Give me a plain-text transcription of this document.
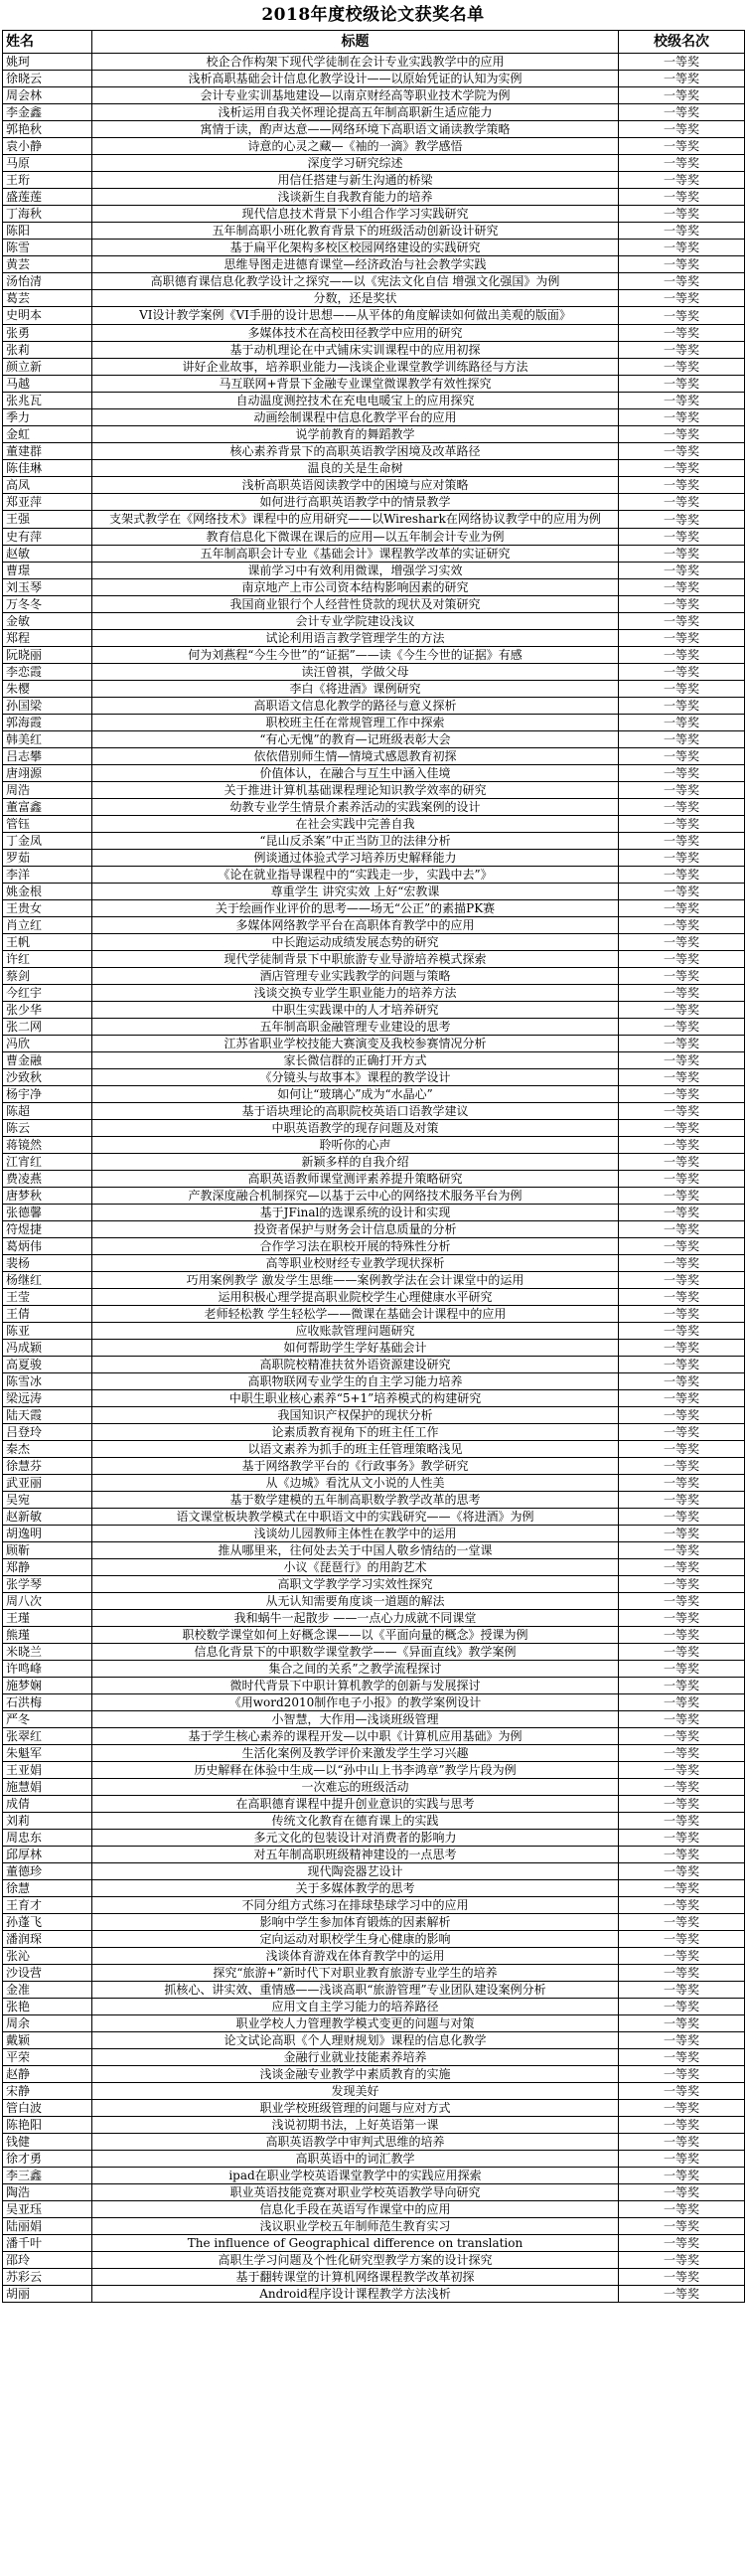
2018年度校级论文获奖名单
姓名	标题	校级名次
姚珂	校企合作构架下现代学徒制在会计专业实践教学中的应用	一等奖
徐晓云	浅析高职基础会计信息化教学设计——以原始凭证的认知为实例	一等奖
周会林	会计专业实训基地建设—以南京财经高等职业技术学院为例	一等奖
李金鑫	浅析运用自我关怀理论提高五年制高职新生适应能力	一等奖
郭艳秋	寓情于读，酌声达意——网络环境下高职语文诵读教学策略	一等奖
袁小静	诗意的心灵之藏—《袖的一滴》教学感悟	一等奖
马原	深度学习研究综述	一等奖
王珩	用信任搭建与新生沟通的桥梁	一等奖
盛莲莲	浅谈新生自我教育能力的培养	一等奖
丁海秋	现代信息技术背景下小组合作学习实践研究	一等奖
陈阳	五年制高职小班化教育背景下的班级活动创新设计研究	一等奖
陈雪	基于扁平化架构多校区校园网络建设的实践研究	一等奖
黄芸	思维导图走进德育课堂—经济政治与社会教学实践	一等奖
汤怡清	高职德育课信息化教学设计之探究——以《宪法文化自信 增强文化强国》为例	一等奖
葛芸	分数，还是奖状	一等奖
史明本	VI设计教学案例《VI手册的设计思想——从平体的角度解读如何做出美观的版面》	一等奖
张勇	多媒体技术在高校田径教学中应用的研究	一等奖
张莉	基于动机理论在中式铺床实训课程中的应用初探	一等奖
颜立新	讲好企业故事，培养职业能力—浅谈企业课堂教学训练路径与方法	一等奖
马越	马互联网+背景下金融专业课堂微课教学有效性探究	一等奖
张兆瓦	自动温度测控技术在充电电暖宝上的应用探究	一等奖
季力	动画绘制课程中信息化教学平台的应用	一等奖
金虹	说学前教育的舞蹈教学	一等奖
董建群	核心素养背景下的高职英语教学困境及改革路径	一等奖
陈佳琳	温良的关是生命树	一等奖
高凤	浅析高职英语阅读教学中的困境与应对策略	一等奖
郑亚萍	如何进行高职英语教学中的情景教学	一等奖
王强	支架式教学在《网络技术》课程中的应用研究——以Wireshark在网络协议教学中的应用为例	一等奖
史有萍	教育信息化下微课在课后的应用—以五年制会计专业为例	一等奖
赵敏	五年制高职会计专业《基础会计》课程教学改革的实证研究	一等奖
曹璟	课前学习中有效利用微课，增强学习实效	一等奖
刘玉琴	南京地产上市公司资本结构影响因素的研究	一等奖
万冬冬	我国商业银行个人经营性贷款的现状及对策研究	一等奖
金敏	会计专业学院建设浅议	一等奖
郑程	试论利用语言教学管理学生的方法	一等奖
阮晓丽	何为刘燕程“今生今世”的“证据”——读《今生今世的证据》有感	一等奖
李恋霞	读汪曾祺，学做父母	一等奖
朱樱	李白《将进酒》课例研究	一等奖
孙国梁	高职语文信息化教学的路径与意义探析	一等奖
郭海霞	职校班主任在常规管理工作中探索	一等奖
韩美红	“有心无愧”的教育—记班级表彰大会	一等奖
吕志攀	依依借别师生情—情境式感恩教育初探	一等奖
唐翊源	价值体认，在融合与互生中涵入佳境	一等奖
周浩	关于推进计算机基础课程理论知识教学效率的研究	一等奖
董富鑫	幼教专业学生情景介素养活动的实践案例的设计	一等奖
管钰	在社会实践中完善自我	一等奖
丁金凤	“昆山反杀案”中正当防卫的法律分析	一等奖
罗茹	例谈通过体验式学习培养历史解释能力	一等奖
李洋	《论在就业指导课程中的“实践走一步，实践中去”》	一等奖
姚金根	尊重学生 讲究实效 上好“宏教课	一等奖
王贵女	关于绘画作业评价的思考——场无“公正”的素描PK赛	一等奖
肖立红	多媒体网络教学平台在高职体育教学中的应用	一等奖
王帆	中长跑运动成绩发展态势的研究	一等奖
许红	现代学徒制背景下中职旅游专业导游培养模式探索	一等奖
蔡剑	酒店管理专业实践教学的问题与策略	一等奖
今红宇	浅谈交换专业学生职业能力的培养方法	一等奖
张少华	中职生实践课中的人才培养研究	一等奖
张二网	五年制高职金融管理专业建设的思考	一等奖
冯欣	江苏省职业学校技能大赛演变及我校参赛情况分析	一等奖
曹金融	家长微信群的正确打开方式	一等奖
沙致秋	《分镜头与故事本》课程的教学设计	一等奖
杨宇净	如何让“玻璃心”成为“水晶心”	一等奖
陈超	基于语块理论的高职院校英语口语教学建议	一等奖
陈云	中职英语教学的现存问题及对策	一等奖
蒋镜然	聆听你的心声	一等奖
江宵红	新颖多样的自我介绍	一等奖
费凌燕	高职英语教师课堂测评素养提升策略研究	一等奖
唐梦秋	产教深度融合机制探究—以基于云中心的网络技术服务平台为例	一等奖
张德馨	基于JFinal的选课系统的设计和实现	一等奖
符煜捷	投资者保护与财务会计信息质量的分析	一等奖
葛炳伟	合作学习法在职校开展的特殊性分析	一等奖
裴杨	高等职业校财经专业教学现状探析	一等奖
杨继红	巧用案例教学 激发学生思维——案例教学法在会计课堂中的运用	一等奖
王莹	运用积极心理学提高职业院校学生心理健康水平研究	一等奖
王倩	老师轻松教 学生轻松学——微课在基础会计课程中的应用	一等奖
陈亚	应收账款管理问题研究	一等奖
冯成颖	如何帮助学生学好基础会计	一等奖
高夏骏	高职院校精准扶贫外语资源建设研究	一等奖
陈雪冰	高职物联网专业学生的自主学习能力培养	一等奖
梁远涛	中职生职业核心素养“5+1”培养模式的构建研究	一等奖
陆天霞	我国知识产权保护的现状分析	一等奖
吕登玲	论素质教育视角下的班主任工作	一等奖
秦杰	以语文素养为抓手的班主任管理策略浅见	一等奖
徐慧芬	基于网络教学平台的《行政事务》教学研究	一等奖
武亚丽	从《边城》看沈从文小说的人性美	一等奖
吴宛	基于数学建模的五年制高职数学教学改革的思考	一等奖
赵新敏	语文课堂板块教学模式在中职语文中的实践研究——《将进酒》为例	一等奖
胡逸明	浅谈幼儿园教师主体性在教学中的运用	一等奖
顾靳	推从哪里来，往何处去关于中国人敬乡情结的一堂课	一等奖
郑静	小议《琵琶行》的用韵艺术	一等奖
张学琴	高职文学教学学习实效性探究	一等奖
周八次	从无认知需要角度谈一道题的解法	一等奖
王瑾	我和蜗牛一起散步 ——一点心力成就不同课堂	一等奖
熊瑾	职校数学课堂如何上好概念课——以《平面向量的概念》授课为例	一等奖
米晓兰	信息化背景下的中职数学课堂教学——《异面直线》教学案例	一等奖
许鸣峰	集合之间的关系”之教学流程探讨	一等奖
施梦娴	微时代背景下中职计算机教学的创新与发展探讨	一等奖
石洪梅	《用word2010制作电子小报》的教学案例设计	一等奖
严冬	小智慧，大作用—浅谈班级管理	一等奖
张翠红	基于学生核心素养的课程开发—以中职《计算机应用基础》为例	一等奖
朱魁军	生活化案例及教学评价来激发学生学习兴趣	一等奖
王亚娟	历史解释在体验中生成—以“孙中山上书李鸿章”教学片段为例	一等奖
施慧娟	一次难忘的班级活动	一等奖
成倩	在高职德育课程中提升创业意识的实践与思考	一等奖
刘莉	传统文化教育在德育课上的实践	一等奖
周忠东	多元文化的包装设计对消费者的影响力	一等奖
邱厚林	对五年制高职班级精神建设的一点思考	一等奖
董德珍	现代陶瓷器艺设计	一等奖
徐慧	关于多媒体教学的思考	一等奖
王育才	不同分组方式练习在排球垫球学习中的应用	一等奖
孙蓬飞	影响中学生参加体育锻炼的因素解析	一等奖
潘润琛	定向运动对职校学生身心健康的影响	一等奖
张沁	浅谈体育游戏在体育教学中的运用	一等奖
沙设营	探究“旅游+”新时代下对职业教育旅游专业学生的培养	一等奖
金准	抓核心、讲实效、重情感——浅谈高职“旅游管理”专业团队建设案例分析	一等奖
张艳	应用文自主学习能力的培养路径	一等奖
周余	职业学校人力管理教学模式变更的问题与对策	一等奖
戴颖	论文试论高职《个人理财规划》课程的信息化教学	一等奖
平荣	金融行业就业技能素养培养	一等奖
赵静	浅谈金融专业教学中素质教育的实施	一等奖
宋静	发现美好	一等奖
管白波	职业学校班级管理的问题与应对方式	一等奖
陈艳阳	浅说初期书法，上好英语第一课	一等奖
钱健	高职英语教学中审判式思维的培养	一等奖
徐才勇	高职英语中的词汇教学	一等奖
李三鑫	ipad在职业学校英语课堂教学中的实践应用探索	一等奖
陶浩	职业英语技能竞赛对职业学校英语教学导向研究	一等奖
吴亚珏	信息化手段在英语写作课堂中的应用	一等奖
陆丽娟	浅议职业学校五年制师范生教育实习	一等奖
潘千叶	The influence of Geographical difference on translation	一等奖
邵玲	高职生学习问题及个性化研究型教学方案的设计探究	一等奖
苏彩云	基于翻转课堂的计算机网络课程教学改革初探	一等奖
胡丽	Android程序设计课程教学方法浅析	一等奖
